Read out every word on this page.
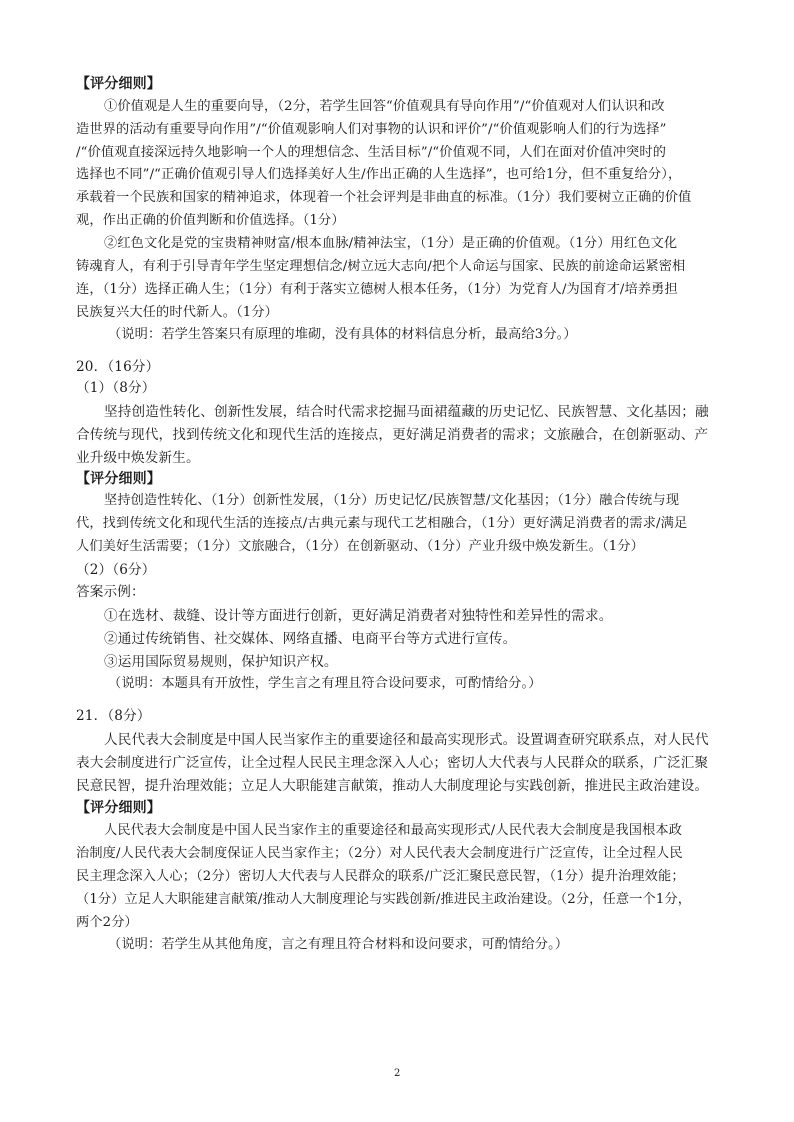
【评分细则】
①价值观是人生的重要向导，（2分，若学生回答“价值观具有导向作用”/“价值观对人们认识和改
造世界的活动有重要导向作用”/“价值观影响人们对事物的认识和评价”/“价值观影响人们的行为选择”
/“价值观直接深远持久地影响一个人的理想信念、生活目标”/“价值观不同，人们在面对价值冲突时的
选择也不同”/“正确价值观引导人们选择美好人生/作出正确的人生选择”，也可给1分，但不重复给分），
承载着一个民族和国家的精神追求，体现着一个社会评判是非曲直的标准。（1分）我们要树立正确的价值
观，作出正确的价值判断和价值选择。（1分）
②红色文化是党的宝贵精神财富/根本血脉/精神法宝，（1分）是正确的价值观。（1分）用红色文化
铸魂育人，有利于引导青年学生坚定理想信念/树立远大志向/把个人命运与国家、民族的前途命运紧密相
连，（1分）选择正确人生；（1分）有利于落实立德树人根本任务，（1分）为党育人/为国育才/培养勇担
民族复兴大任的时代新人。（1分）
（说明：若学生答案只有原理的堆砌，没有具体的材料信息分析，最高给3分。）
20．（16分）
（1）（8分）
坚持创造性转化、创新性发展，结合时代需求挖掘马面裙蕴藏的历史记忆、民族智慧、文化基因；融
合传统与现代，找到传统文化和现代生活的连接点，更好满足消费者的需求；文旅融合，在创新驱动、产
业升级中焕发新生。
【评分细则】
坚持创造性转化、（1分）创新性发展，（1分）历史记忆/民族智慧/文化基因；（1分）融合传统与现
代，找到传统文化和现代生活的连接点/古典元素与现代工艺相融合，（1分）更好满足消费者的需求/满足
人们美好生活需要；（1分）文旅融合，（1分）在创新驱动、（1分）产业升级中焕发新生。（1分）
（2）（6分）
答案示例：
①在选材、裁缝、设计等方面进行创新，更好满足消费者对独特性和差异性的需求。
②通过传统销售、社交媒体、网络直播、电商平台等方式进行宣传。
③运用国际贸易规则，保护知识产权。
（说明：本题具有开放性，学生言之有理且符合设问要求，可酌情给分。）
21．（8分）
人民代表大会制度是中国人民当家作主的重要途径和最高实现形式。设置调查研究联系点，对人民代
表大会制度进行广泛宣传，让全过程人民民主理念深入人心；密切人大代表与人民群众的联系，广泛汇聚
民意民智，提升治理效能；立足人大职能建言献策，推动人大制度理论与实践创新，推进民主政治建设。
【评分细则】
人民代表大会制度是中国人民当家作主的重要途径和最高实现形式/人民代表大会制度是我国根本政
治制度/人民代表大会制度保证人民当家作主；（2分）对人民代表大会制度进行广泛宣传，让全过程人民
民主理念深入人心；（2分）密切人大代表与人民群众的联系/广泛汇聚民意民智，（1分）提升治理效能；
（1分）立足人大职能建言献策/推动人大制度理论与实践创新/推进民主政治建设。（2分，任意一个1分，
两个2分）
（说明：若学生从其他角度，言之有理且符合材料和设问要求，可酌情给分。）
2
